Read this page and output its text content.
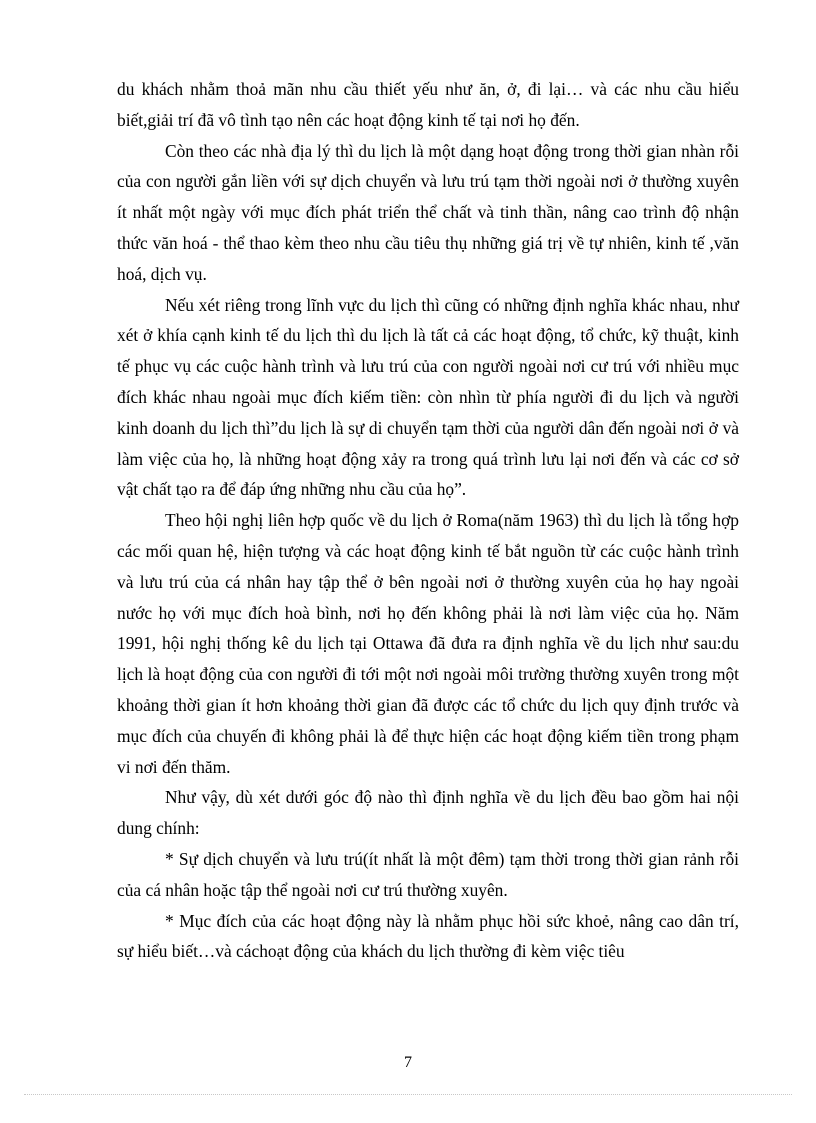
du khách nhằm thoả mãn nhu cầu thiết yếu như ăn, ở, đi lại… và các nhu cầu hiểu biết,giải trí đã vô tình tạo nên các hoạt động kinh tế tại nơi họ đến.

Còn theo các nhà địa lý thì du lịch là một dạng hoạt động trong thời gian nhàn rỗi của con người gắn liền với sự dịch chuyển và lưu trú tạm thời ngoài nơi ở thường xuyên ít nhất một ngày với mục đích phát triển thể chất và tinh thần, nâng cao trình độ nhận thức văn hoá - thể thao kèm theo nhu cầu tiêu thụ những giá trị về tự nhiên, kinh tế ,văn hoá, dịch vụ.

Nếu xét riêng trong lĩnh vực du lịch thì cũng có những định nghĩa khác nhau, như xét ở khía cạnh kinh tế du lịch thì du lịch là tất cả các hoạt động, tổ chức, kỹ thuật, kinh tế phục vụ các cuộc hành trình và lưu trú của con người ngoài nơi cư trú với nhiều mục đích khác nhau ngoài mục đích kiếm tiền: còn nhìn từ phía người đi du lịch và người kinh doanh du lịch thì”du lịch là sự di chuyển tạm thời của người dân đến ngoài nơi ở và làm việc của họ, là những hoạt động xảy ra trong quá trình lưu lại nơi đến và các cơ sở vật chất tạo ra để đáp ứng những nhu cầu của họ”.

Theo hội nghị liên hợp quốc về du lịch ở Roma(năm 1963) thì du lịch là tổng hợp các mối quan hệ, hiện tượng và các hoạt động kinh tế bắt nguồn từ các cuộc hành trình và lưu trú của cá nhân hay tập thể ở bên ngoài nơi ở thường xuyên của họ hay ngoài nước họ với mục đích hoà bình, nơi họ đến không phải là nơi làm việc của họ. Năm 1991, hội nghị thống kê du lịch tại Ottawa đã đưa ra định nghĩa về du lịch như sau:du lịch là hoạt động của con người đi tới một nơi ngoài môi trường thường xuyên trong một khoảng thời gian ít hơn khoảng thời gian đã được các tổ chức du lịch quy định trước và mục đích của chuyến đi không phải là để thực hiện các hoạt động kiếm tiền trong phạm vi nơi đến thăm.

Như vậy, dù xét dưới góc độ nào thì định nghĩa về du lịch đều bao gồm hai nội dung chính:

* Sự dịch chuyển và lưu trú(ít nhất là một đêm) tạm thời trong thời gian rảnh rỗi của cá nhân hoặc tập thể ngoài nơi cư trú thường xuyên.

* Mục đích của các hoạt động này là nhằm phục hồi sức khoẻ, nâng cao dân trí, sự hiểu biết…và cáchoạt động của khách du lịch thường đi kèm việc tiêu

7
